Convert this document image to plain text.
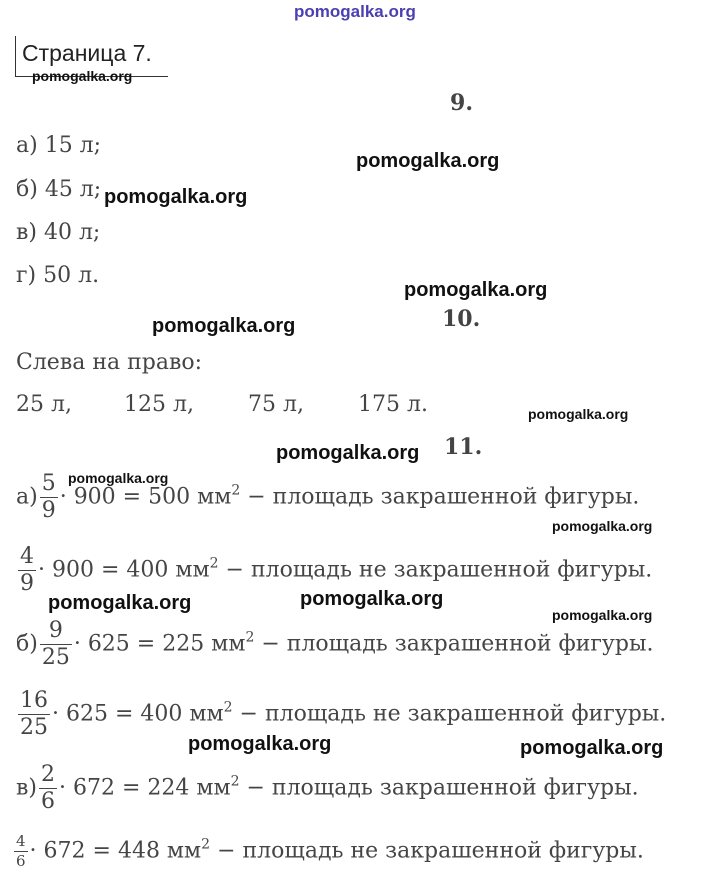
pomogalka.org
Страница 7.
pomogalka.org
9.
а) 15 л;
б) 45 л;
в) 40 л;
г) 50 л.
pomogalka.org
pomogalka.org
pomogalka.org
10.
pomogalka.org
Слева на право:
25 л, 125 л, 75 л, 175 л.	pomogalka.org
11.
pomogalka.org
pomogalka.org
$а) \frac{5}{9} \cdot 900 = 500$ $мм^2$ − площадь закрашенной фигуры.
pomogalka.org
$\frac{4}{9} \cdot 900 = 400$ $мм^2$ − площадь не закрашенной фигуры.
pomogalka.org	pomogalka.org
pomogalka.org
$б) \frac{9}{25} \cdot 625 = 225$ $мм^2$ − площадь закрашенной фигуры.
$\frac{16}{25} \cdot 625 = 400$ $мм^2$ − площадь не закрашенной фигуры.
pomogalka.org	pomogalka.org
$в) \frac{2}{6} \cdot 672 = 224$ $мм^2$ − площадь закрашенной фигуры.
$\frac{4}{6} \cdot 672 = 448$ $мм^2$ − площадь не закрашенной фигуры.
